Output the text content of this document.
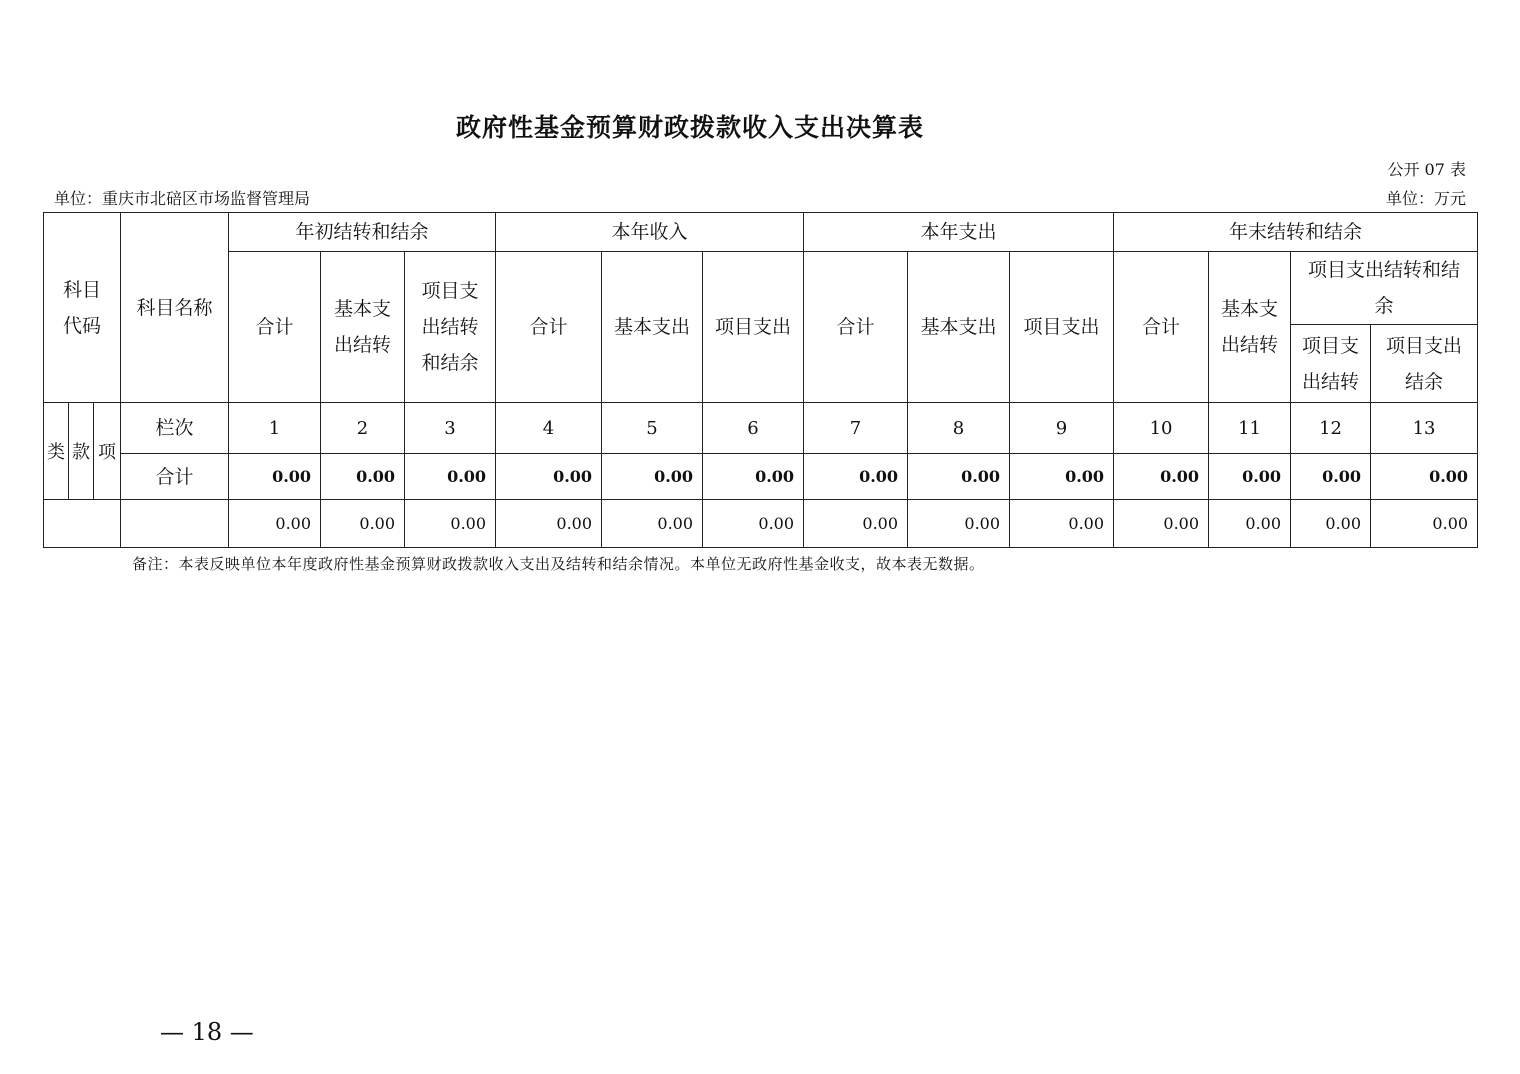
政府性基金预算财政拨款收入支出决算表
公开 07 表
单位：重庆市北碚区市场监督管理局	单位：万元
科目代码			科目名称	年初结转和结余			本年收入			本年支出			年末结转和结余			
				合计	基本支出结转	项目支出结转和结余	合计	基本支出	项目支出	合计	基本支出	项目支出	合计	基本支出结转	项目支出结转和结余	

															项目支出结转	项目支出结余

类	款	项	栏次	1	2	3	4	5	6	7	8	9	10	11	12	13
			合计	0.00	0.00	0.00	0.00	0.00	0.00	0.00	0.00	0.00	0.00	0.00	0.00	0.00
				0.00	0.00	0.00	0.00	0.00	0.00	0.00	0.00	0.00	0.00	0.00	0.00	0.00
备注：本表反映单位本年度政府性基金预算财政拨款收入支出及结转和结余情况。本单位无政府性基金收支，故本表无数据。
— 18 —
